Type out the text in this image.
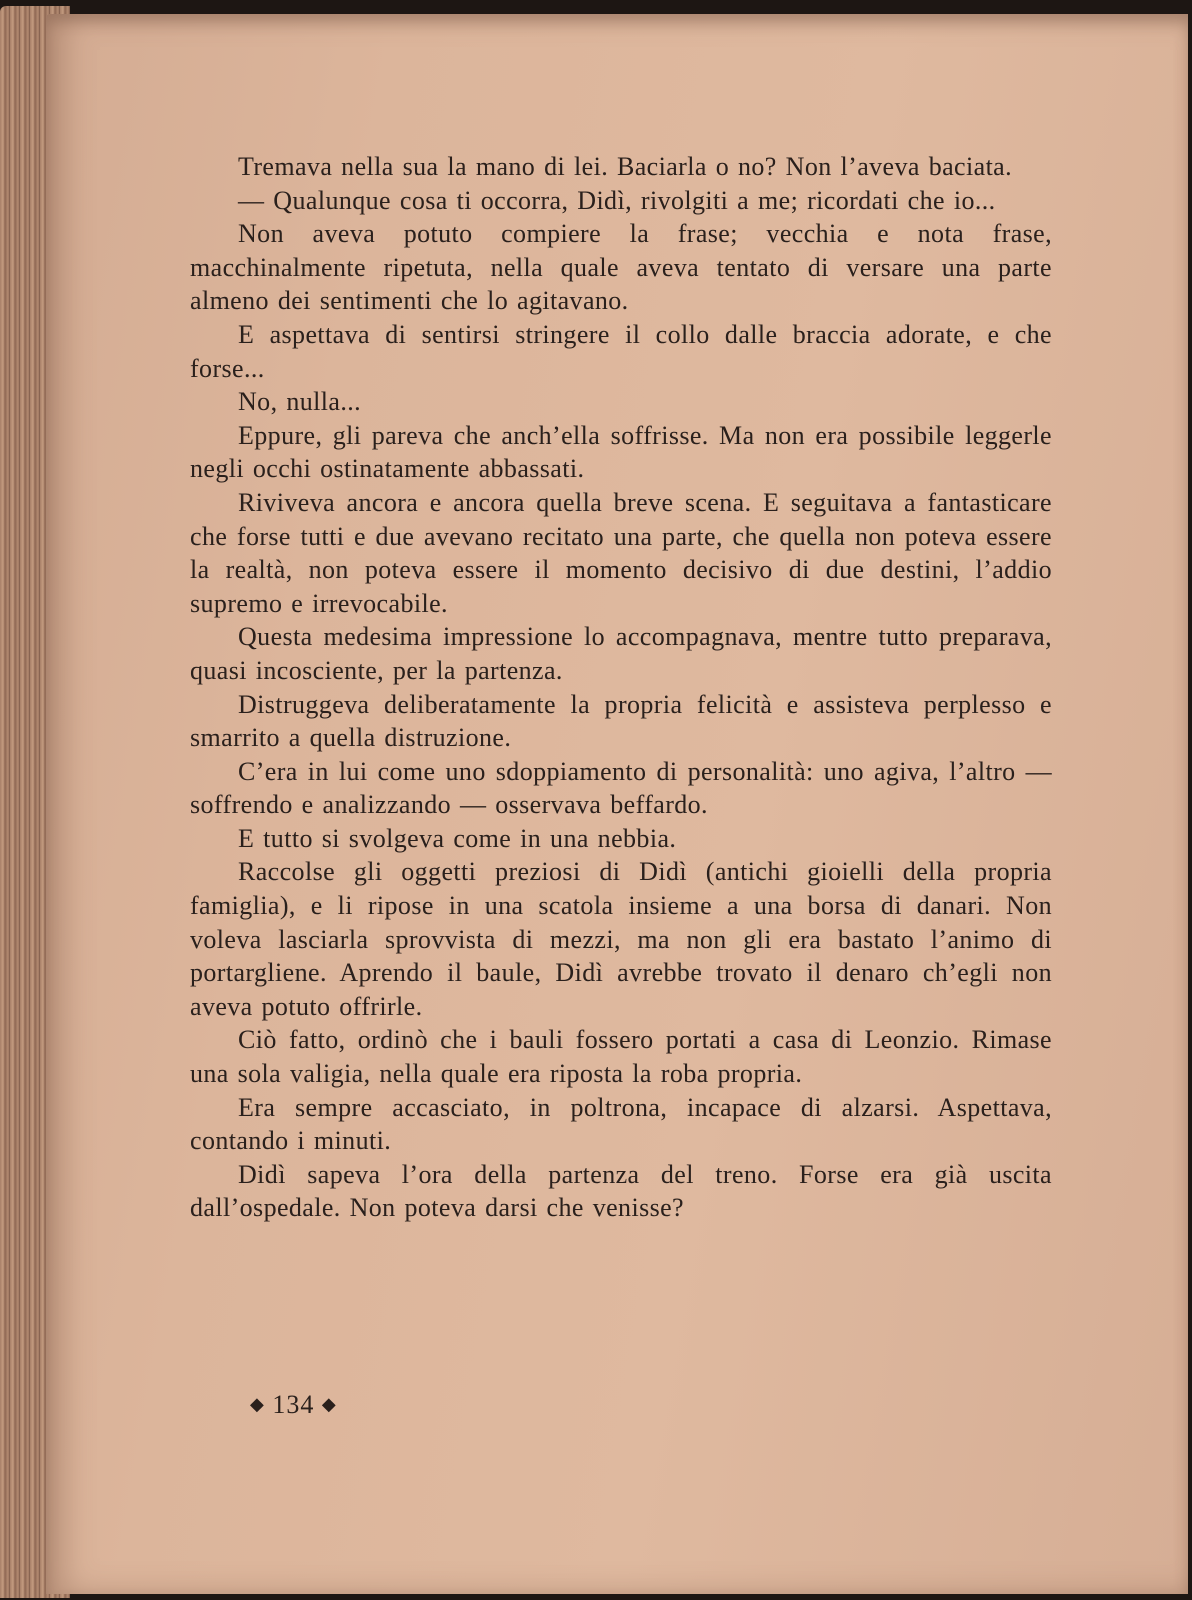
Tremava nella sua la mano di lei. Baciarla o no? Non l’aveva baciata.

— Qualunque cosa ti occorra, Didì, rivolgiti a me; ricordati che io...

Non aveva potuto compiere la frase; vecchia e nota frase, macchinalmente ripetuta, nella quale aveva tentato di versare una parte almeno dei sentimenti che lo agitavano.

E aspettava di sentirsi stringere il collo dalle braccia adorate, e che forse...

No, nulla...

Eppure, gli pareva che anch’ella soffrisse. Ma non era possibile leggerle negli occhi ostinatamente abbassati.

Riviveva ancora e ancora quella breve scena. E seguitava a fantasticare che forse tutti e due avevano recitato una parte, che quella non poteva essere la realtà, non poteva essere il momento decisivo di due destini, l’addio supremo e irrevocabile.

Questa medesima impressione lo accompagnava, mentre tutto preparava, quasi incosciente, per la partenza.

Distruggeva deliberatamente la propria felicità e assisteva perplesso e smarrito a quella distruzione.

C’era in lui come uno sdoppiamento di personalità: uno agiva, l’altro — soffrendo e analizzando — osservava beffardo.

E tutto si svolgeva come in una nebbia.

Raccolse gli oggetti preziosi di Didì (antichi gioielli della propria famiglia), e li ripose in una scatola insieme a una borsa di danari. Non voleva lasciarla sprovvista di mezzi, ma non gli era bastato l’animo di portargliene. Aprendo il baule, Didì avrebbe trovato il denaro ch’egli non aveva potuto offrirle.

Ciò fatto, ordinò che i bauli fossero portati a casa di Leonzio. Rimase una sola valigia, nella quale era riposta la roba propria.

Era sempre accasciato, in poltrona, incapace di alzarsi. Aspettava, contando i minuti.

Didì sapeva l’ora della partenza del treno. Forse era già uscita dall’ospedale. Non poteva darsi che venisse?

◆ 134 ◆
